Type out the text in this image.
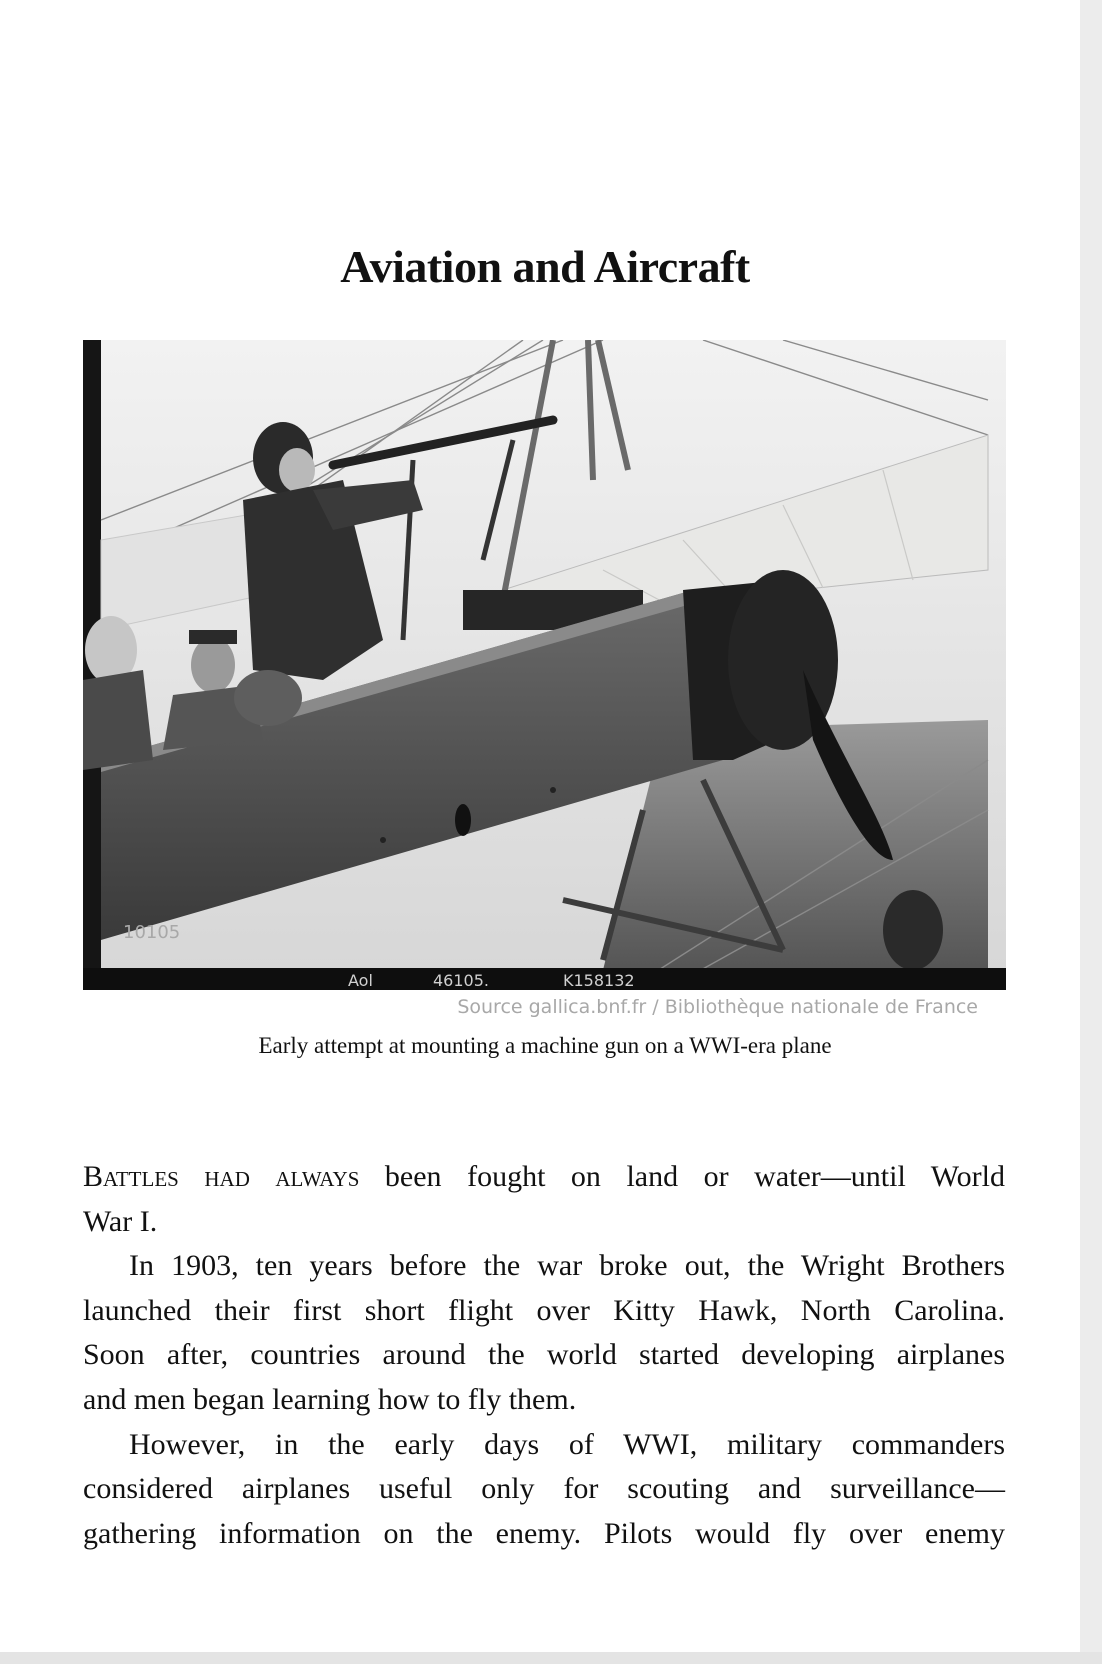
Aviation and Aircraft
10105
Aol	46105.	K158132
Source gallica.bnf.fr / Bibliothèque nationale de France
Early attempt at mounting a machine gun on a WWI-era plane

Battles had always been fought on land or water—until World

War I.

In 1903, ten years before the war broke out, the Wright Brothers

launched their first short flight over Kitty Hawk, North Carolina.

Soon after, countries around the world started developing airplanes

and men began learning how to fly them.

However, in the early days of WWI, military commanders

considered airplanes useful only for scouting and surveillance—

gathering information on the enemy. Pilots would fly over enemy
